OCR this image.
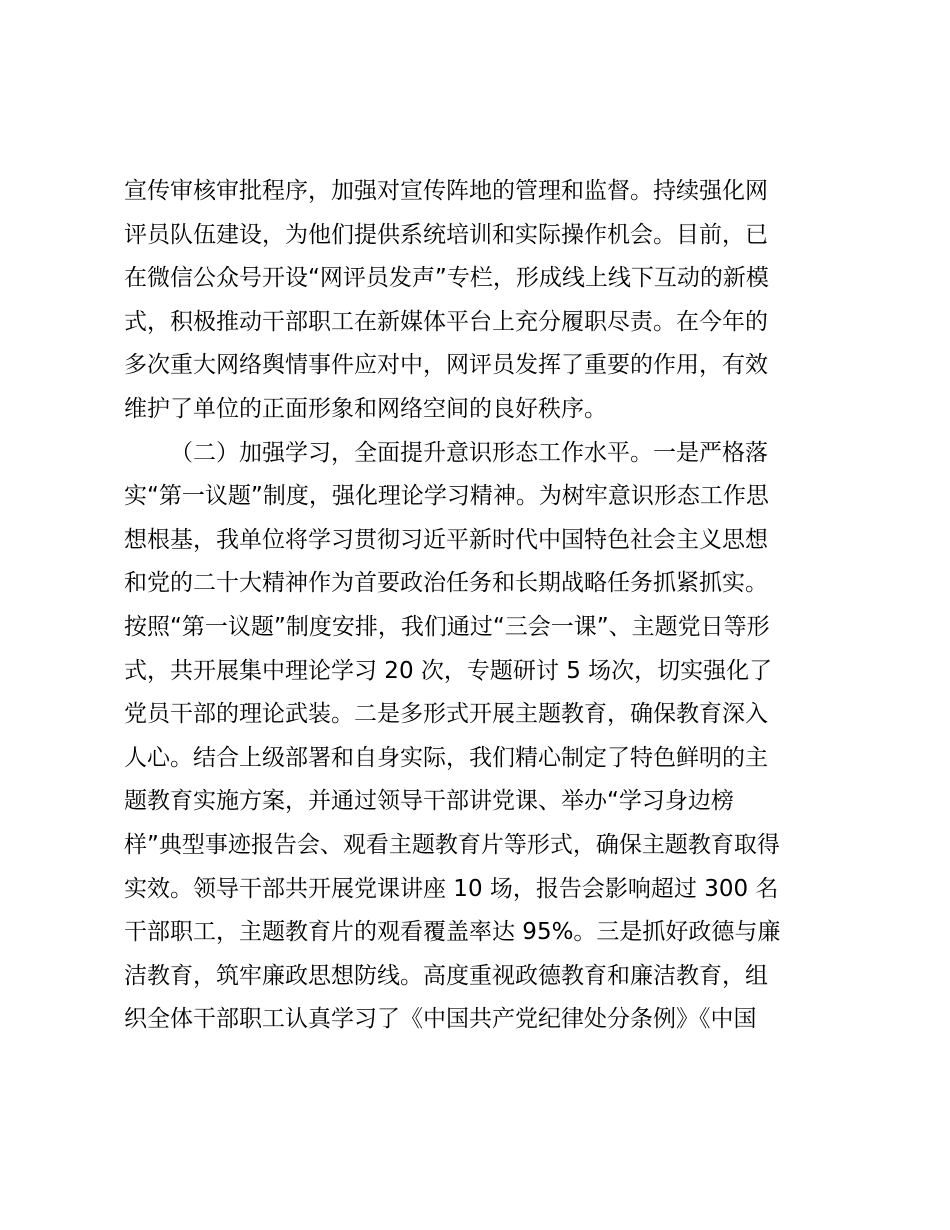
宣传审核审批程序，加强对宣传阵地的管理和监督。持续强化网
评员队伍建设，为他们提供系统培训和实际操作机会。目前，已
在微信公众号开设“网评员发声”专栏，形成线上线下互动的新模
式，积极推动干部职工在新媒体平台上充分履职尽责。在今年的
多次重大网络舆情事件应对中，网评员发挥了重要的作用，有效
维护了单位的正面形象和网络空间的良好秩序。
（二）加强学习，全面提升意识形态工作水平。一是严格落
实“第一议题”制度，强化理论学习精神。为树牢意识形态工作思
想根基，我单位将学习贯彻习近平新时代中国特色社会主义思想
和党的二十大精神作为首要政治任务和长期战略任务抓紧抓实。
按照“第一议题”制度安排，我们通过“三会一课”、主题党日等形
式，共开展集中理论学习 20 次，专题研讨 5 场次，切实强化了
党员干部的理论武装。二是多形式开展主题教育，确保教育深入
人心。结合上级部署和自身实际，我们精心制定了特色鲜明的主
题教育实施方案，并通过领导干部讲党课、举办“学习身边榜
样”典型事迹报告会、观看主题教育片等形式，确保主题教育取得
实效。领导干部共开展党课讲座 10 场，报告会影响超过 300 名
干部职工，主题教育片的观看覆盖率达 95%。三是抓好政德与廉
洁教育，筑牢廉政思想防线。高度重视政德教育和廉洁教育，组
织全体干部职工认真学习了《中国共产党纪律处分条例》《中国
